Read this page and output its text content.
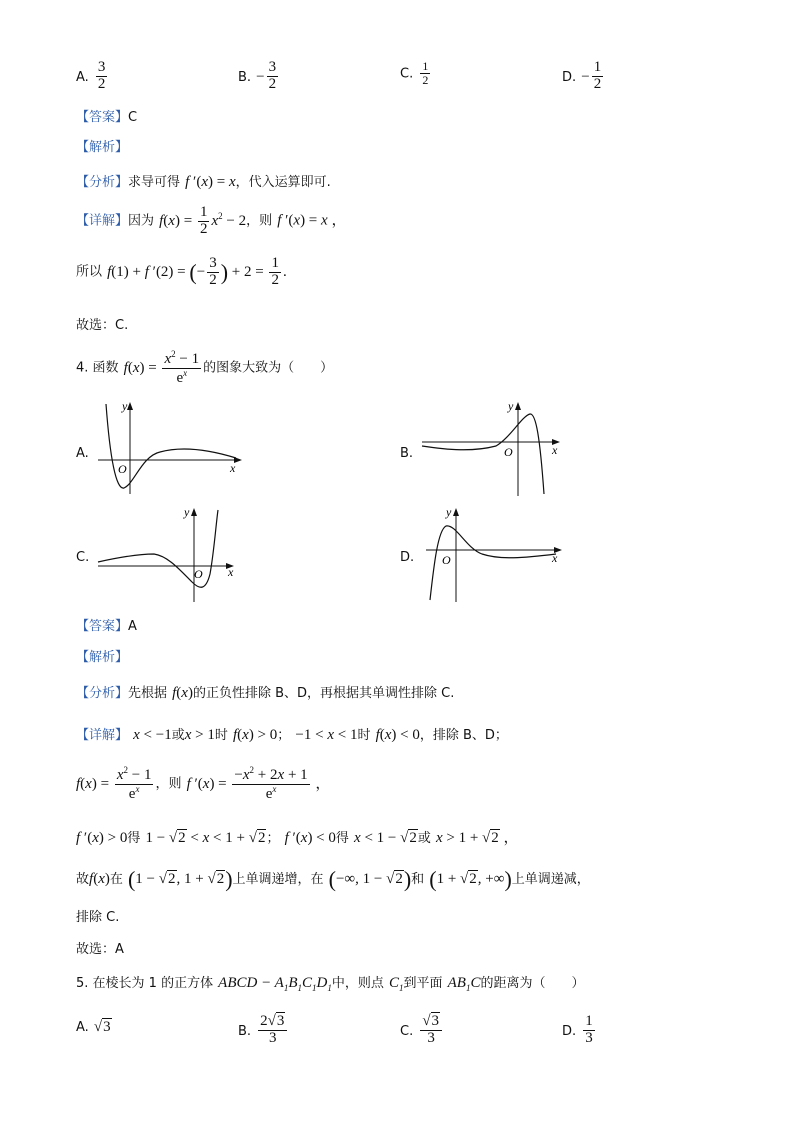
A. $\frac{3}{2}$	B. − $\frac{3}{2}$	C. $\frac{1}{2}$	D. − $\frac{1}{2}$
【答案】C
【解析】
【分析】求导可得 f ′(x) = x，代入运算即可.
【详解】因为 $f(x) = \frac{1}{2} x^2 - 2$，则 f ′(x) = x ，
所以 f(1) + f ′(2) = (− $\frac{3}{2}$ ) + $2 = \frac{1}{2}$ .
故选：C.
4. 函数 $f(x) = \frac{x^2 - 1}{e^x}$ 的图象大致为（　　）
A.
O
y
x
B.	O
y
x
C.
O
y
x
D. O
y
x
【答案】A
【解析】
【分析】先根据 f(x)的正负性排除 B、D，再根据其单调性排除 C.
【详解】 x < −1或x > 1时 f(x) > 0； −1 < x < 1时 f(x) < 0，排除 B、D；
$f(x) = \frac{x^2 - 1}{e^x}$ ，则 f $'(x) = \frac{-x^2 + 2x + 1}{e^x}$ ，
f ′(x) > 0得 1 − √2 < x < 1 + √2； f ′(x) < 0得 x < 1 − √2或 x > 1 + √2 ，
故f(x)在 (1 − √2, 1 + √2)上单调递增，在 (−∞, 1 − √2)和 (1 + √2, +∞)上单调递减，
排除 C.
故选：A
5. 在棱长为 1 的正方体 ABCD − $A_1B_1C_1D_1$中，则点 $C_1$到平面 $AB_1C$的距离为（　　）
A. √3	B. $\frac{2√3}{3}$	C. $\frac{√3}{3}$	D. $\frac{1}{3}$
